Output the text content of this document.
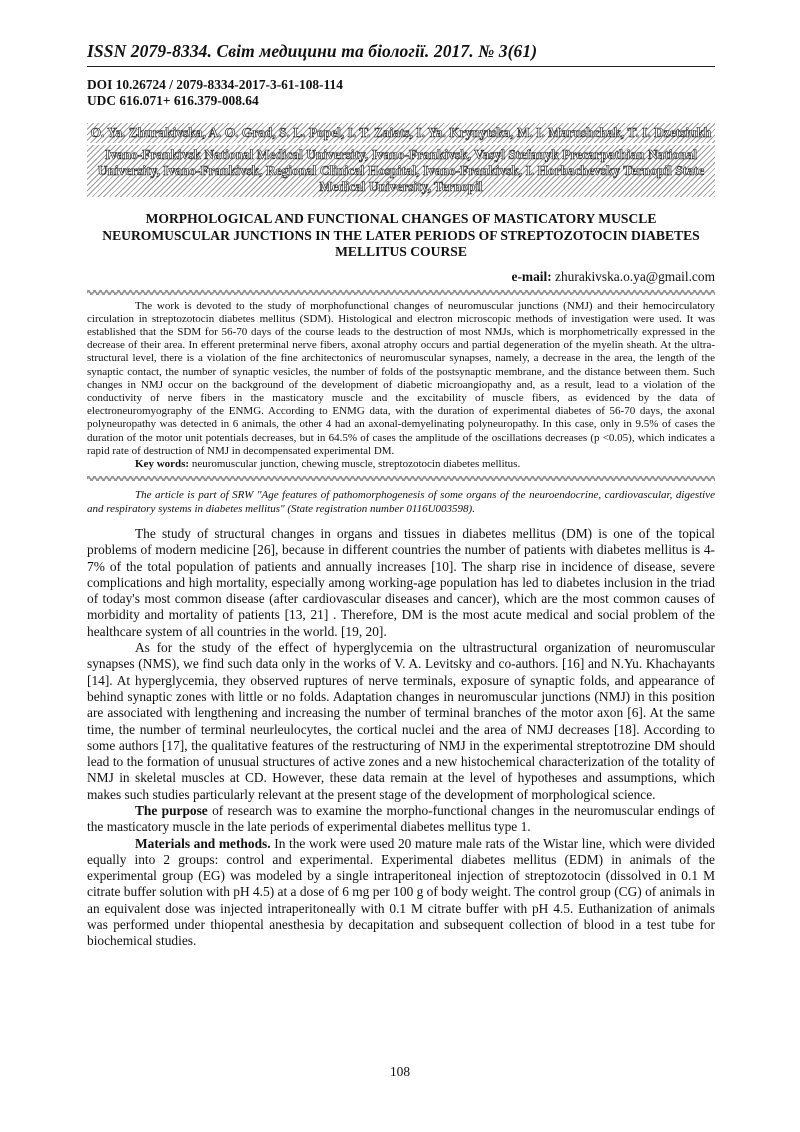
ISSN 2079-8334. Світ медицини та біології. 2017. № 3(61)

DOI 10.26724 / 2079-8334-2017-3-61-108-114
UDC 616.071+ 616.379-008.64
O. Ya. Zhurakivska, A. O. Grad, S. L. Popel, I. T. Zaiats, I. Ya. Krynytska, M. I. Marushchak, T. I. Dzetsiukh
Ivano-Frankivsk National Medical University, Ivano-Frankivsk, Vasyl Stefanyk Precarpathian National University, Ivano-Frankivsk, Regional Clinical Hospital, Ivano-Frankivsk, I. Horbachevsky Ternopil State Medical University, Ternopil
MORPHOLOGICAL AND FUNCTIONAL CHANGES OF MASTICATORY MUSCLE NEUROMUSCULAR JUNCTIONS IN THE LATER PERIODS OF STREPTOZOTOCIN DIABETES MELLITUS COURSE
e-mail: zhurakivska.o.ya@gmail.com

The work is devoted to the study of morphofunctional changes of neuromuscular junctions (NMJ) and their hemocirculatory circulation in streptozotocin diabetes mellitus (SDM). Histological and electron microscopic methods of investigation were used. It was established that the SDM for 56-70 days of the course leads to the destruction of most NMJs, which is morphometrically expressed in the decrease of their area. In efferent preterminal nerve fibers, axonal atrophy occurs and partial degeneration of the myelin sheath. At the ultra-structural level, there is a violation of the fine architectonics of neuromuscular synapses, namely, a decrease in the area, the length of the synaptic contact, the number of synaptic vesicles, the number of folds of the postsynaptic membrane, and the distance between them. Such changes in NMJ occur on the background of the development of diabetic microangiopathy and, as a result, lead to a violation of the conductivity of nerve fibers in the masticatory muscle and the excitability of muscle fibers, as evidenced by the data of electroneuromyography of the ENMG. According to ENMG data, with the duration of experimental diabetes of 56-70 days, the axonal polyneuropathy was detected in 6 animals, the other 4 had an axonal-demyelinating polyneuropathy. In this case, only in 9.5% of cases the duration of the motor unit potentials decreases, but in 64.5% of cases the amplitude of the oscillations decreases (p <0.05), which indicates a rapid rate of destruction of NMJ in decompensated experimental DM.

Key words: neuromuscular junction, chewing muscle, streptozotocin diabetes mellitus.

The article is part of SRW "Age features of pathomorphogenesis of some organs of the neuroendocrine, cardiovascular, digestive and respiratory systems in diabetes mellitus" (State registration number 0116U003598).

The study of structural changes in organs and tissues in diabetes mellitus (DM) is one of the topical problems of modern medicine [26], because in different countries the number of patients with diabetes mellitus is 4-7% of the total population of patients and annually increases [10]. The sharp rise in incidence of disease, severe complications and high mortality, especially among working-age population has led to diabetes inclusion in the triad of today's most common disease (after cardiovascular diseases and cancer), which are the most common causes of morbidity and mortality of patients [13, 21] . Therefore, DM is the most acute medical and social problem of the healthcare system of all countries in the world. [19, 20].

As for the study of the effect of hyperglycemia on the ultrastructural organization of neuromuscular synapses (NMS), we find such data only in the works of V. A. Levitsky and co-authors. [16] and N.Yu. Khachayants [14]. At hyperglycemia, they observed ruptures of nerve terminals, exposure of synaptic folds, and appearance of behind synaptic zones with little or no folds. Adaptation changes in neuromuscular junctions (NMJ) in this position are associated with lengthening and increasing the number of terminal branches of the motor axon [6]. At the same time, the number of terminal neurleulocytes, the cortical nuclei and the area of NMJ decreases [18]. According to some authors [17], the qualitative features of the restructuring of NMJ in the experimental streptotrozine DM should lead to the formation of unusual structures of active zones and a new histochemical characterization of the totality of NMJ in skeletal muscles at CD. However, these data remain at the level of hypotheses and assumptions, which makes such studies particularly relevant at the present stage of the development of morphological science.

The purpose of research was to examine the morpho-functional changes in the neuromuscular endings of the masticatory muscle in the late periods of experimental diabetes mellitus type 1.

Materials and methods. In the work were used 20 mature male rats of the Wistar line, which were divided equally into 2 groups: control and experimental. Experimental diabetes mellitus (EDM) in animals of the experimental group (EG) was modeled by a single intraperitoneal injection of streptozotocin (dissolved in 0.1 M citrate buffer solution with pH 4.5) at a dose of 6 mg per 100 g of body weight. The control group (CG) of animals in an equivalent dose was injected intraperitoneally with 0.1 M citrate buffer with pH 4.5. Euthanization of animals was performed under thiopental anesthesia by decapitation and subsequent collection of blood in a test tube for biochemical studies.

108
